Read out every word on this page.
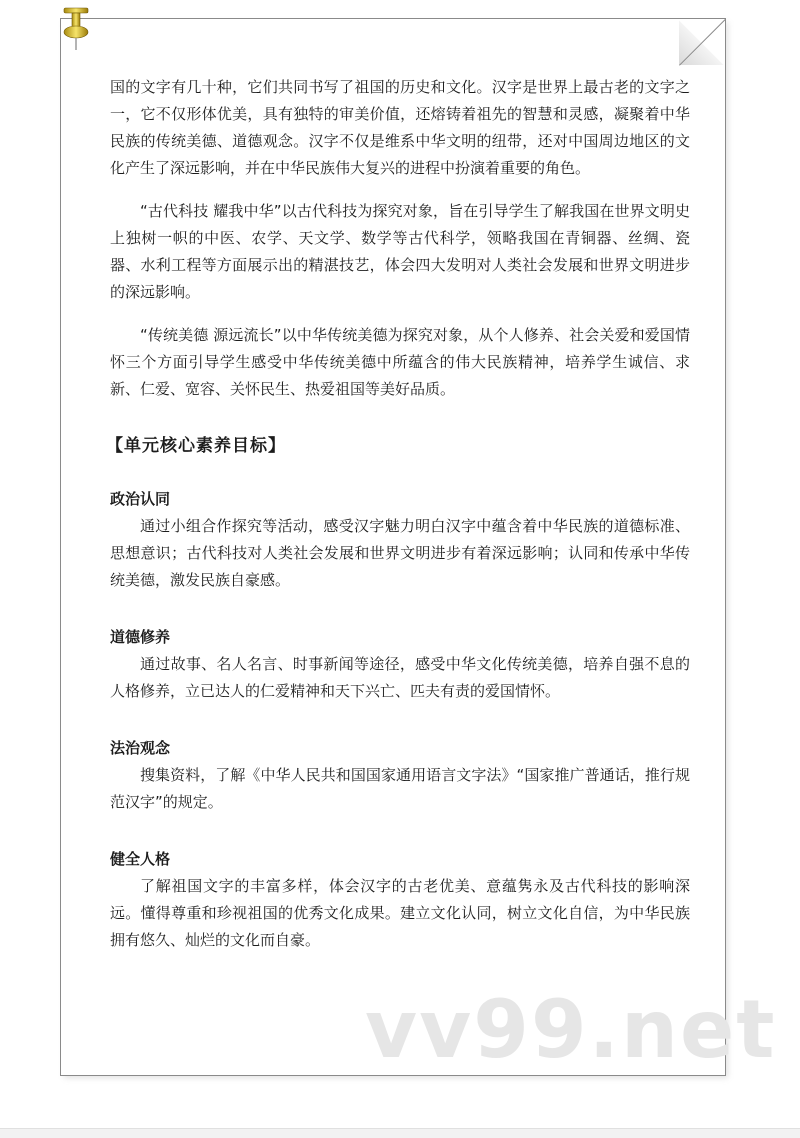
国的文字有几十种，它们共同书写了祖国的历史和文化。汉字是世界上最古老的文字之一，它不仅形体优美，具有独特的审美价值，还熔铸着祖先的智慧和灵感，凝聚着中华民族的传统美德、道德观念。汉字不仅是维系中华文明的纽带，还对中国周边地区的文化产生了深远影响，并在中华民族伟大复兴的进程中扮演着重要的角色。

“古代科技 耀我中华”以古代科技为探究对象，旨在引导学生了解我国在世界文明史上独树一帜的中医、农学、天文学、数学等古代科学，领略我国在青铜器、丝绸、瓷器、水利工程等方面展示出的精湛技艺，体会四大发明对人类社会发展和世界文明进步的深远影响。

“传统美德 源远流长”以中华传统美德为探究对象，从个人修养、社会关爱和爱国情怀三个方面引导学生感受中华传统美德中所蕴含的伟大民族精神，培养学生诚信、求新、仁爱、宽容、关怀民生、热爱祖国等美好品质。

【单元核心素养目标】
政治认同

通过小组合作探究等活动，感受汉字魅力明白汉字中蕴含着中华民族的道德标准、思想意识；古代科技对人类社会发展和世界文明进步有着深远影响；认同和传承中华传统美德，激发民族自豪感。

道德修养

通过故事、名人名言、时事新闻等途径，感受中华文化传统美德，培养自强不息的人格修养，立已达人的仁爱精神和天下兴亡、匹夫有责的爱国情怀。

法治观念

搜集资料，了解《中华人民共和国国家通用语言文字法》“国家推广普通话，推行规范汉字”的规定。

健全人格

了解祖国文字的丰富多样，体会汉字的古老优美、意蕴隽永及古代科技的影响深远。懂得尊重和珍视祖国的优秀文化成果。建立文化认同，树立文化自信，为中华民族拥有悠久、灿烂的文化而自豪。

vv99.net
